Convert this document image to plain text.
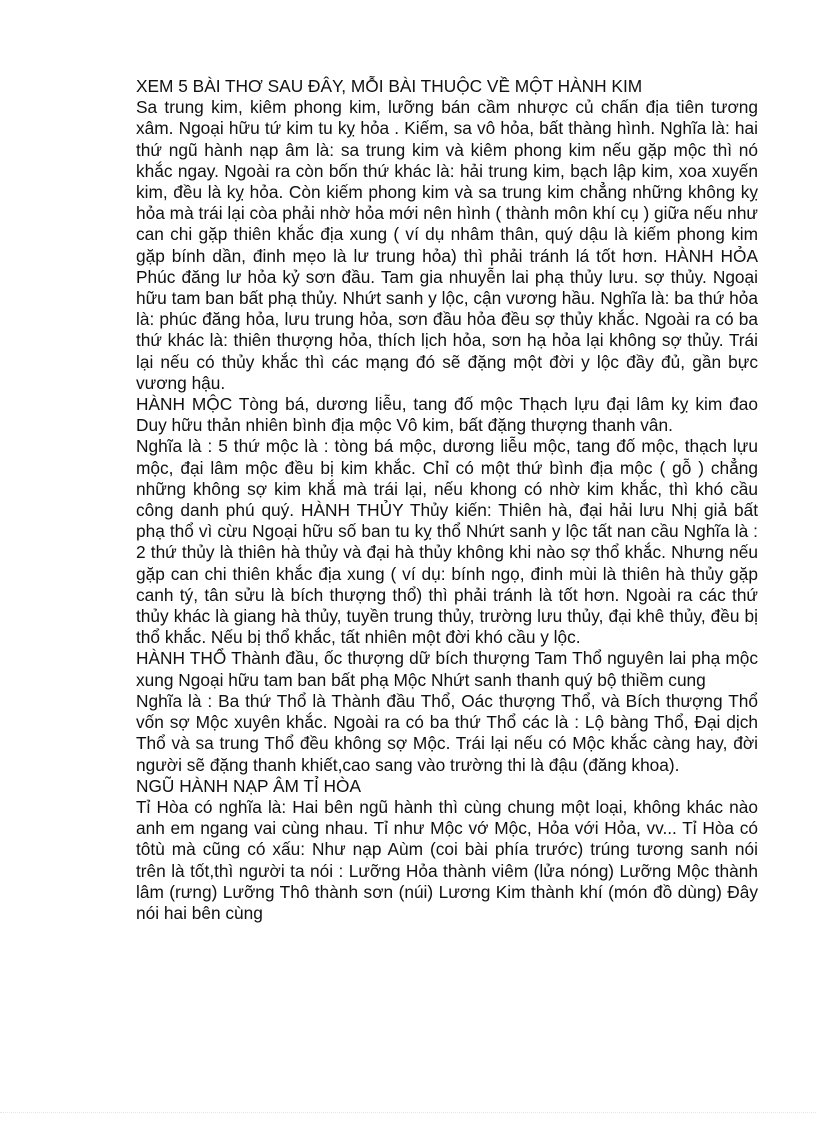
XEM 5 BÀI THƠ SAU ĐÂY, MỖI BÀI THUỘC VỀ MỘT HÀNH KIM

Sa trung kim, kiêm phong kim, lưỡng bán cầm nhược củ chấn địa tiên tương xâm. Ngoại hữu tứ kim tu kỵ hỏa . Kiếm, sa vô hỏa, bất thàng hình. Nghĩa là: hai thứ ngũ hành nạp âm là: sa trung kim và kiêm phong kim nếu gặp mộc thì nó khắc ngay. Ngoài ra còn bốn thứ khác là: hải trung kim, bạch lập kim, xoa xuyến kim, đều là kỵ hỏa. Còn kiếm phong kim và sa trung kim chẳng những không kỵ hỏa mà trái lại còa phải nhờ hỏa mới nên hình ( thành môn khí cụ ) giữa nếu như can chi gặp thiên khắc địa xung ( ví dụ nhâm thân, quý dậu là kiếm phong kim gặp bính dần, đinh mẹo là lư trung hỏa) thì phải tránh lá tốt hơn. HÀNH HỎA Phúc đăng lư hỏa kỷ sơn đầu. Tam gia nhuyễn lai phạ thủy lưu. sợ thủy. Ngoại hữu tam ban bất phạ thủy. Nhứt sanh y lộc, cận vương hầu. Nghĩa là: ba thứ hỏa là: phúc đăng hỏa, lưu trung hỏa, sơn đầu hỏa đều sợ thủy khắc. Ngoài ra có ba thứ khác là: thiên thượng hỏa, thích lịch hỏa, sơn hạ hỏa lại không sợ thủy. Trái lại nếu có thủy khắc thì các mạng đó sẽ đặng một đời y lộc đầy đủ, gần bực vương hậu.

HÀNH MỘC Tòng bá, dương liễu, tang đố mộc Thạch lựu đại lâm kỵ kim đao Duy hữu thản nhiên bình địa mộc Vô kim, bất đặng thượng thanh vân.

Nghĩa là : 5 thứ mộc là : tòng bá mộc, dương liễu mộc, tang đố mộc, thạch lựu mộc, đại lâm mộc đều bị kim khắc. Chỉ có một thứ bình địa mộc ( gỗ ) chẳng những không sợ kim khắ mà trái lại, nếu khong có nhờ kim khắc, thì khó cầu công danh phú quý. HÀNH THỦY Thủy kiến: Thiên hà, đại hải lưu Nhị giả bất phạ thổ vì cừu Ngoại hữu số ban tu kỵ thổ Nhứt sanh y lộc tất nan cầu Nghĩa là : 2 thứ thủy là thiên hà thủy và đại hà thủy không khi nào sợ thổ khắc. Nhưng nếu gặp can chi thiên khắc địa xung ( ví dụ: bính ngọ, đinh mùi là thiên hà thủy gặp canh tý, tân sửu là bích thượng thổ) thì phải tránh là tốt hơn. Ngoài ra các thứ thủy khác là giang hà thủy, tuyền trung thủy, trường lưu thủy, đại khê thủy, đều bị thổ khắc. Nếu bị thổ khắc, tất nhiên một đời khó cầu y lộc.

HÀNH THỔ Thành đầu, ốc thượng dữ bích thượng Tam Thổ nguyên lai phạ mộc xung Ngoại hữu tam ban bất phạ Mộc Nhứt sanh thanh quý bộ thiềm cung

Nghĩa là : Ba thứ Thổ là Thành đầu Thổ, Oác thượng Thổ, và Bích thượng Thổ vốn sợ Mộc xuyên khắc. Ngoài ra có ba thứ Thổ các là : Lộ bàng Thổ, Đại dịch Thổ và sa trung Thổ đều không sợ Mộc. Trái lại nếu có Mộc khắc càng hay, đời người sẽ đặng thanh khiết,cao sang vào trường thi là đậu (đăng khoa).

NGŨ HÀNH NẠP ÂM TỈ HÒA

Tỉ Hòa có nghĩa là: Hai bên ngũ hành thì cùng chung một loại, không khác nào anh em ngang vai cùng nhau. Tỉ như Mộc vớ Mộc, Hỏa với Hỏa, vv... Tỉ Hòa có tôtù mà cũng có xấu: Như nạp Aùm (coi bài phía trước) trúng tương sanh nói trên là tốt,thì người ta nói : Lưỡng Hỏa thành viêm (lửa nóng) Lưỡng Mộc thành lâm (rưng) Lưỡng Thô thành sơn (núi) Lương Kim thành khí (món đồ dùng) Đây nói hai bên cùng
